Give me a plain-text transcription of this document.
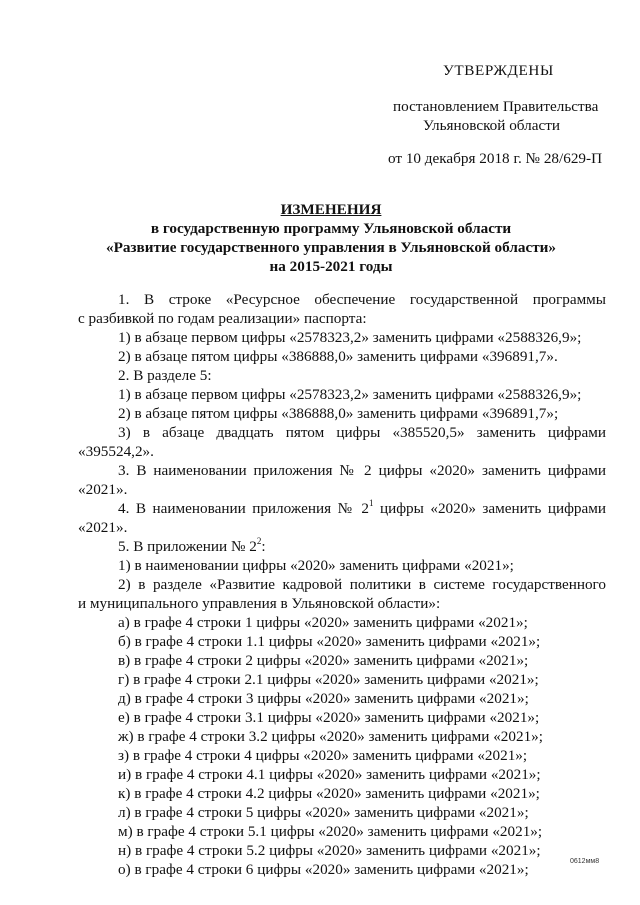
УТВЕРЖДЕНЫ
постановлением Правительства
Ульяновской области
от 10 декабря 2018 г. № 28/629-П
ИЗМЕНЕНИЯ
в государственную программу Ульяновской области
«Развитие государственного управления в Ульяновской области»
на 2015-2021 годы

1. В строке «Ресурсное обеспечение государственной программы

с разбивкой по годам реализации» паспорта:

1) в абзаце первом цифры «2578323,2» заменить цифрами «2588326,9»;

2) в абзаце пятом цифры «386888,0» заменить цифрами «396891,7».

2. В разделе 5:

1) в абзаце первом цифры «2578323,2» заменить цифрами «2588326,9»;

2) в абзаце пятом цифры «386888,0» заменить цифрами «396891,7»;

3) в абзаце двадцать пятом цифры «385520,5» заменить цифрами

«395524,2».

3. В наименовании приложения № 2 цифры «2020» заменить цифрами

«2021».

4. В наименовании приложения № $2^1$ цифры «2020» заменить цифрами

«2021».

5. В приложении № $2^2$:

1) в наименовании цифры «2020» заменить цифрами «2021»;

2) в разделе «Развитие кадровой политики в системе государственного

и муниципального управления в Ульяновской области»:

а) в графе 4 строки 1 цифры «2020» заменить цифрами «2021»;

б) в графе 4 строки 1.1 цифры «2020» заменить цифрами «2021»;

в) в графе 4 строки 2 цифры «2020» заменить цифрами «2021»;

г) в графе 4 строки 2.1 цифры «2020» заменить цифрами «2021»;

д) в графе 4 строки 3 цифры «2020» заменить цифрами «2021»;

е) в графе 4 строки 3.1 цифры «2020» заменить цифрами «2021»;

ж) в графе 4 строки 3.2 цифры «2020» заменить цифрами «2021»;

з) в графе 4 строки 4 цифры «2020» заменить цифрами «2021»;

и) в графе 4 строки 4.1 цифры «2020» заменить цифрами «2021»;

к) в графе 4 строки 4.2 цифры «2020» заменить цифрами «2021»;

л) в графе 4 строки 5 цифры «2020» заменить цифрами «2021»;

м) в графе 4 строки 5.1 цифры «2020» заменить цифрами «2021»;

н) в графе 4 строки 5.2 цифры «2020» заменить цифрами «2021»;

о) в графе 4 строки 6 цифры «2020» заменить цифрами «2021»;	0612мм8
